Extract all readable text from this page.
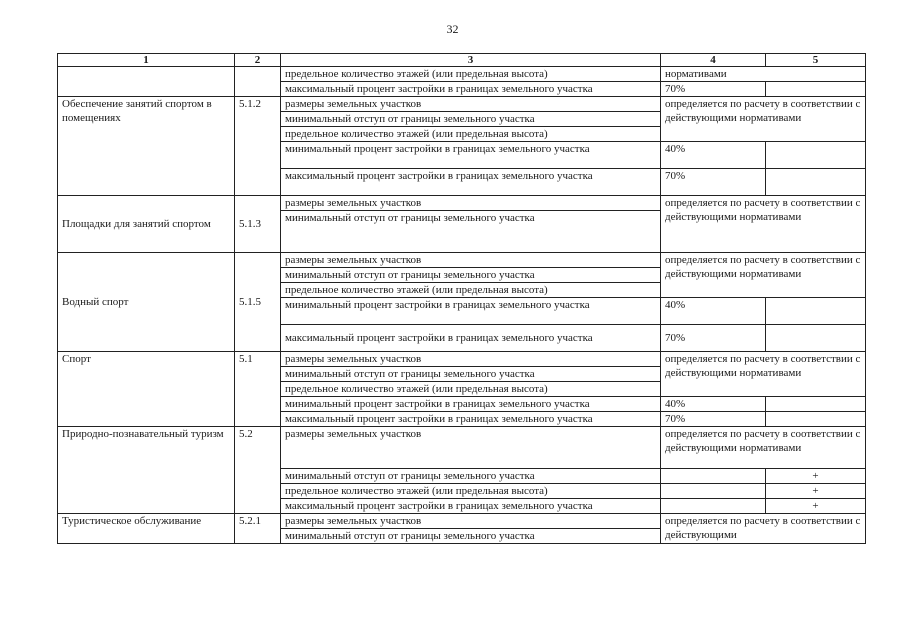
32
1	2	3	4	5
		предельное количество этажей (или предельная высота)	нормативами	
		максимальный процент застройки в границах земельного участка	70%	
Обеспечение занятий спортом в помещениях	5.1.2	размеры земельных участков	определяется по расчету в соответствии с действующими нормативами	
		минимальный отступ от границы земельного участка		
		предельное количество этажей (или предельная высота)		
		минимальный процент застройки в границах земельного участка	40%	
		максимальный процент застройки в границах земельного участка	70%	
Площадки для занятий спортом	5.1.3	размеры земельных участков	определяется по расчету в соответствии с действующими нормативами	
		минимальный отступ от границы земельного участка		
Водный спорт	5.1.5	размеры земельных участков	определяется по расчету в соответствии с действующими нормативами	
		минимальный отступ от границы земельного участка		
		предельное количество этажей (или предельная высота)		
		минимальный процент застройки в границах земельного участка	40%	
		максимальный процент застройки в границах земельного участка	70%	
Спорт	5.1	размеры земельных участков	определяется по расчету в соответствии с действующими нормативами	
		минимальный отступ от границы земельного участка		
		предельное количество этажей (или предельная высота)		
		минимальный процент застройки в границах земельного участка	40%	
		максимальный процент застройки в границах земельного участка	70%	
Природно-познавательный туризм	5.2	размеры земельных участков	определяется по расчету в соответствии с действующими нормативами	
		минимальный отступ от границы земельного участка		+
		предельное количество этажей (или предельная высота)		+
		максимальный процент застройки в границах земельного участка		+
Туристическое обслуживание	5.2.1	размеры земельных участков	определяется по расчету в соответствии с действующими	
		минимальный отступ от границы земельного участка		
